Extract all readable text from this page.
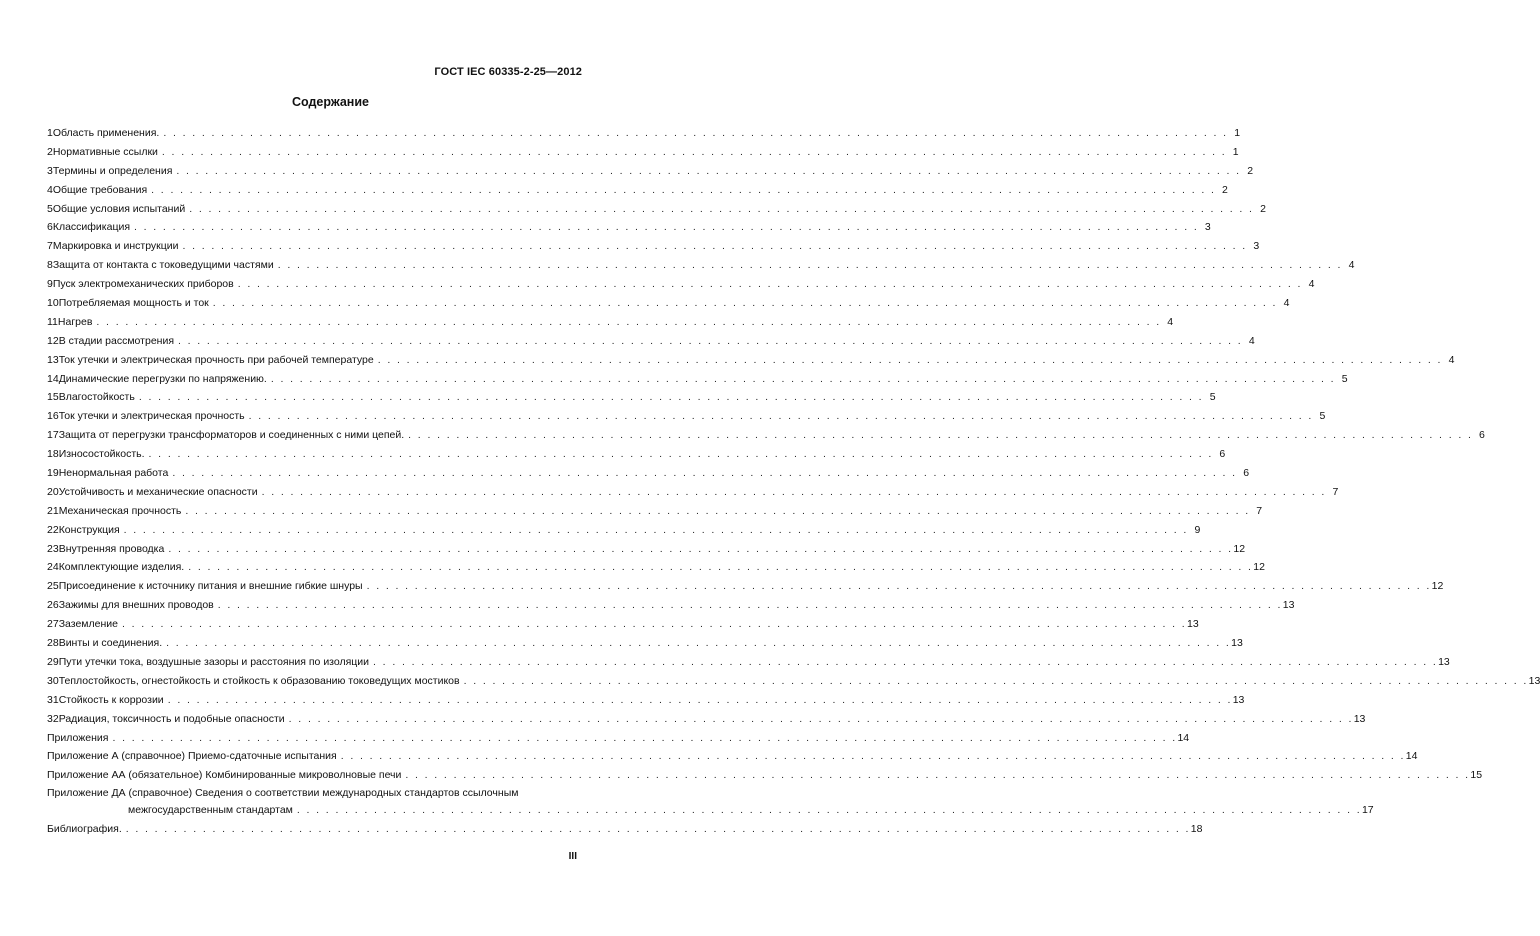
ГОСТ IEC 60335-2-25—2012
Содержание
1 Область применения. . . .	1
2 Нормативные ссылки . . .	1
3 Термины и определения . . .	2
4 Общие требования . . .	2
5 Общие условия испытаний . . .	2
6 Классификация . . .	3
7 Маркировка и инструкции . . .	3
8 Защита от контакта с токоведущими частями . . .	4
9 Пуск электромеханических приборов . . .	4
10 Потребляемая мощность и ток . . .	4
11 Нагрев . . .	4
12 В стадии рассмотрения . . .	4
13 Ток утечки и электрическая прочность при рабочей температуре . . .	4
14 Динамические перегрузки по напряжению. . . .	5
15 Влагостойкость . . .	5
16 Ток утечки и электрическая прочность . . .	5
17 Защита от перегрузки трансформаторов и соединенных с ними цепей. . . .	6
18 Износостойкость. . . .	6
19 Ненормальная работа . . .	6
20 Устойчивость и механические опасности . . .	7
21 Механическая прочность . . .	7
22 Конструкция . . .	9
23 Внутренняя проводка . . .	12
24 Комплектующие изделия. . . .	12
25 Присоединение к источнику питания и внешние гибкие шнуры . . .	12
26 Зажимы для внешних проводов . . .	13
27 Заземление . . .	13
28 Винты и соединения. . . .	13
29 Пути утечки тока, воздушные зазоры и расстояния по изоляции . . .	13
30 Теплостойкость, огнестойкость и стойкость к образованию токоведущих мостиков . . .	13
31 Стойкость к коррозии . . .	13
32 Радиация, токсичность и подобные опасности . . .	13
Приложения . . .	14
Приложение А (справочное) Приемо-сдаточные испытания . . .	14
Приложение АА (обязательное) Комбинированные микроволновые печи . . .	15
Приложение ДА (справочное) Сведения о соответствии международных стандартов ссылочным
межгосударственным стандартам . . .	17
Библиография. . . .	18
III
